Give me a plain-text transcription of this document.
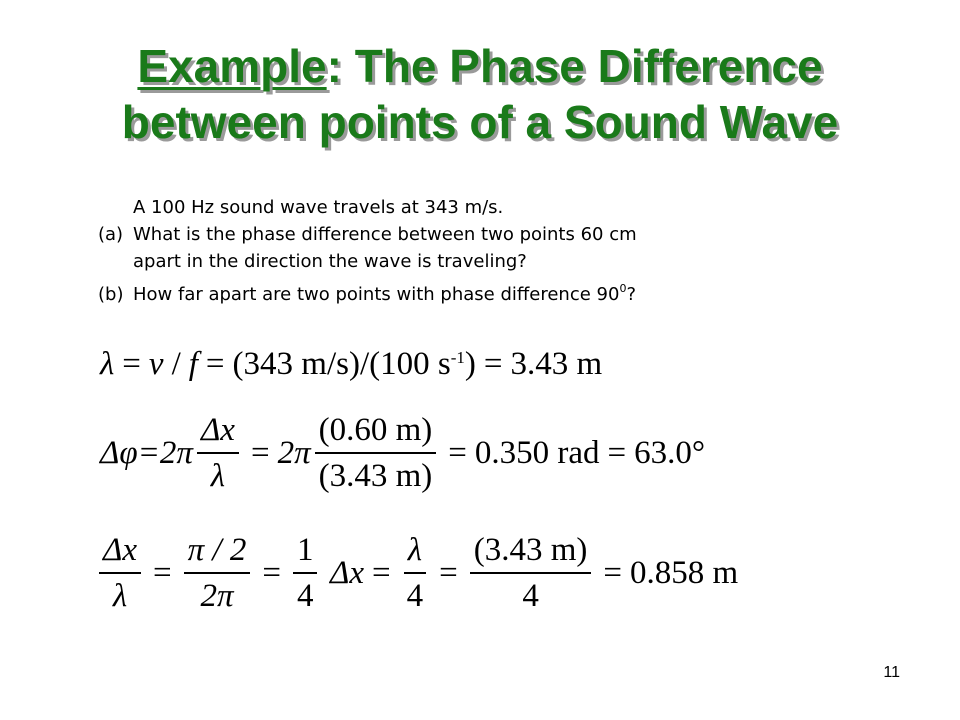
Example: The Phase Difference
between points of a Sound Wave
A 100 Hz sound wave travels at 343 m/s.
(a) What is the phase difference between two points 60 cm
apart in the direction the wave is traveling?
(b) How far apart are two points with phase difference $90^0$?
λ = v / f = (343 m/s)/(100 s -1 ) = 3.43 m
$\Delta\varphi=2\pi \frac{\Delta x}{\lambda} = 2\pi \frac{(0.60 m)}{(3.43 m)} = 0.350$ rad = 63.0°
$\frac{\Delta x}{\lambda} = \frac{\pi / 2}{2\pi} = \frac{1}{4}$ $\Delta x = \frac{\lambda}{4} = \frac{(3.43 m)}{4} = 0.858$ m
11
